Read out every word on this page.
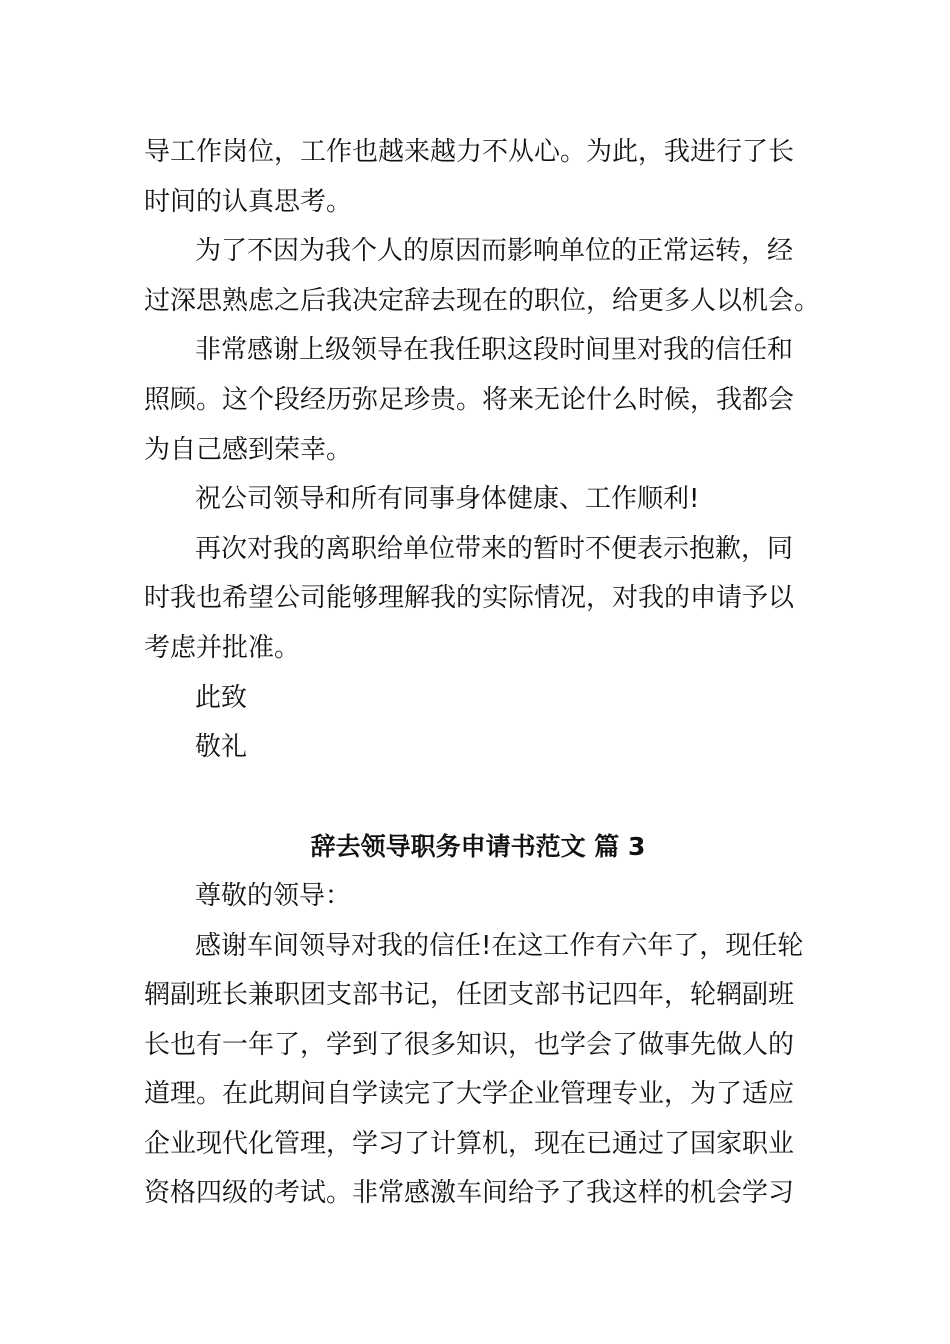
导工作岗位，工作也越来越力不从心。为此，我进行了长
时间的认真思考。
为了不因为我个人的原因而影响单位的正常运转，经
过深思熟虑之后我决定辞去现在的职位，给更多人以机会。
非常感谢上级领导在我任职这段时间里对我的信任和
照顾。这个段经历弥足珍贵。将来无论什么时候，我都会
为自己感到荣幸。
祝公司领导和所有同事身体健康、工作顺利!
再次对我的离职给单位带来的暂时不便表示抱歉，同
时我也希望公司能够理解我的实际情况，对我的申请予以
考虑并批准。
此致
敬礼
辞去领导职务申请书范文 篇 3
尊敬的领导：
感谢车间领导对我的信任!在这工作有六年了，现任轮
辋副班长兼职团支部书记，任团支部书记四年，轮辋副班
长也有一年了，学到了很多知识，也学会了做事先做人的
道理。在此期间自学读完了大学企业管理专业，为了适应
企业现代化管理，学习了计算机，现在已通过了国家职业
资格四级的考试。非常感激车间给予了我这样的机会学习
